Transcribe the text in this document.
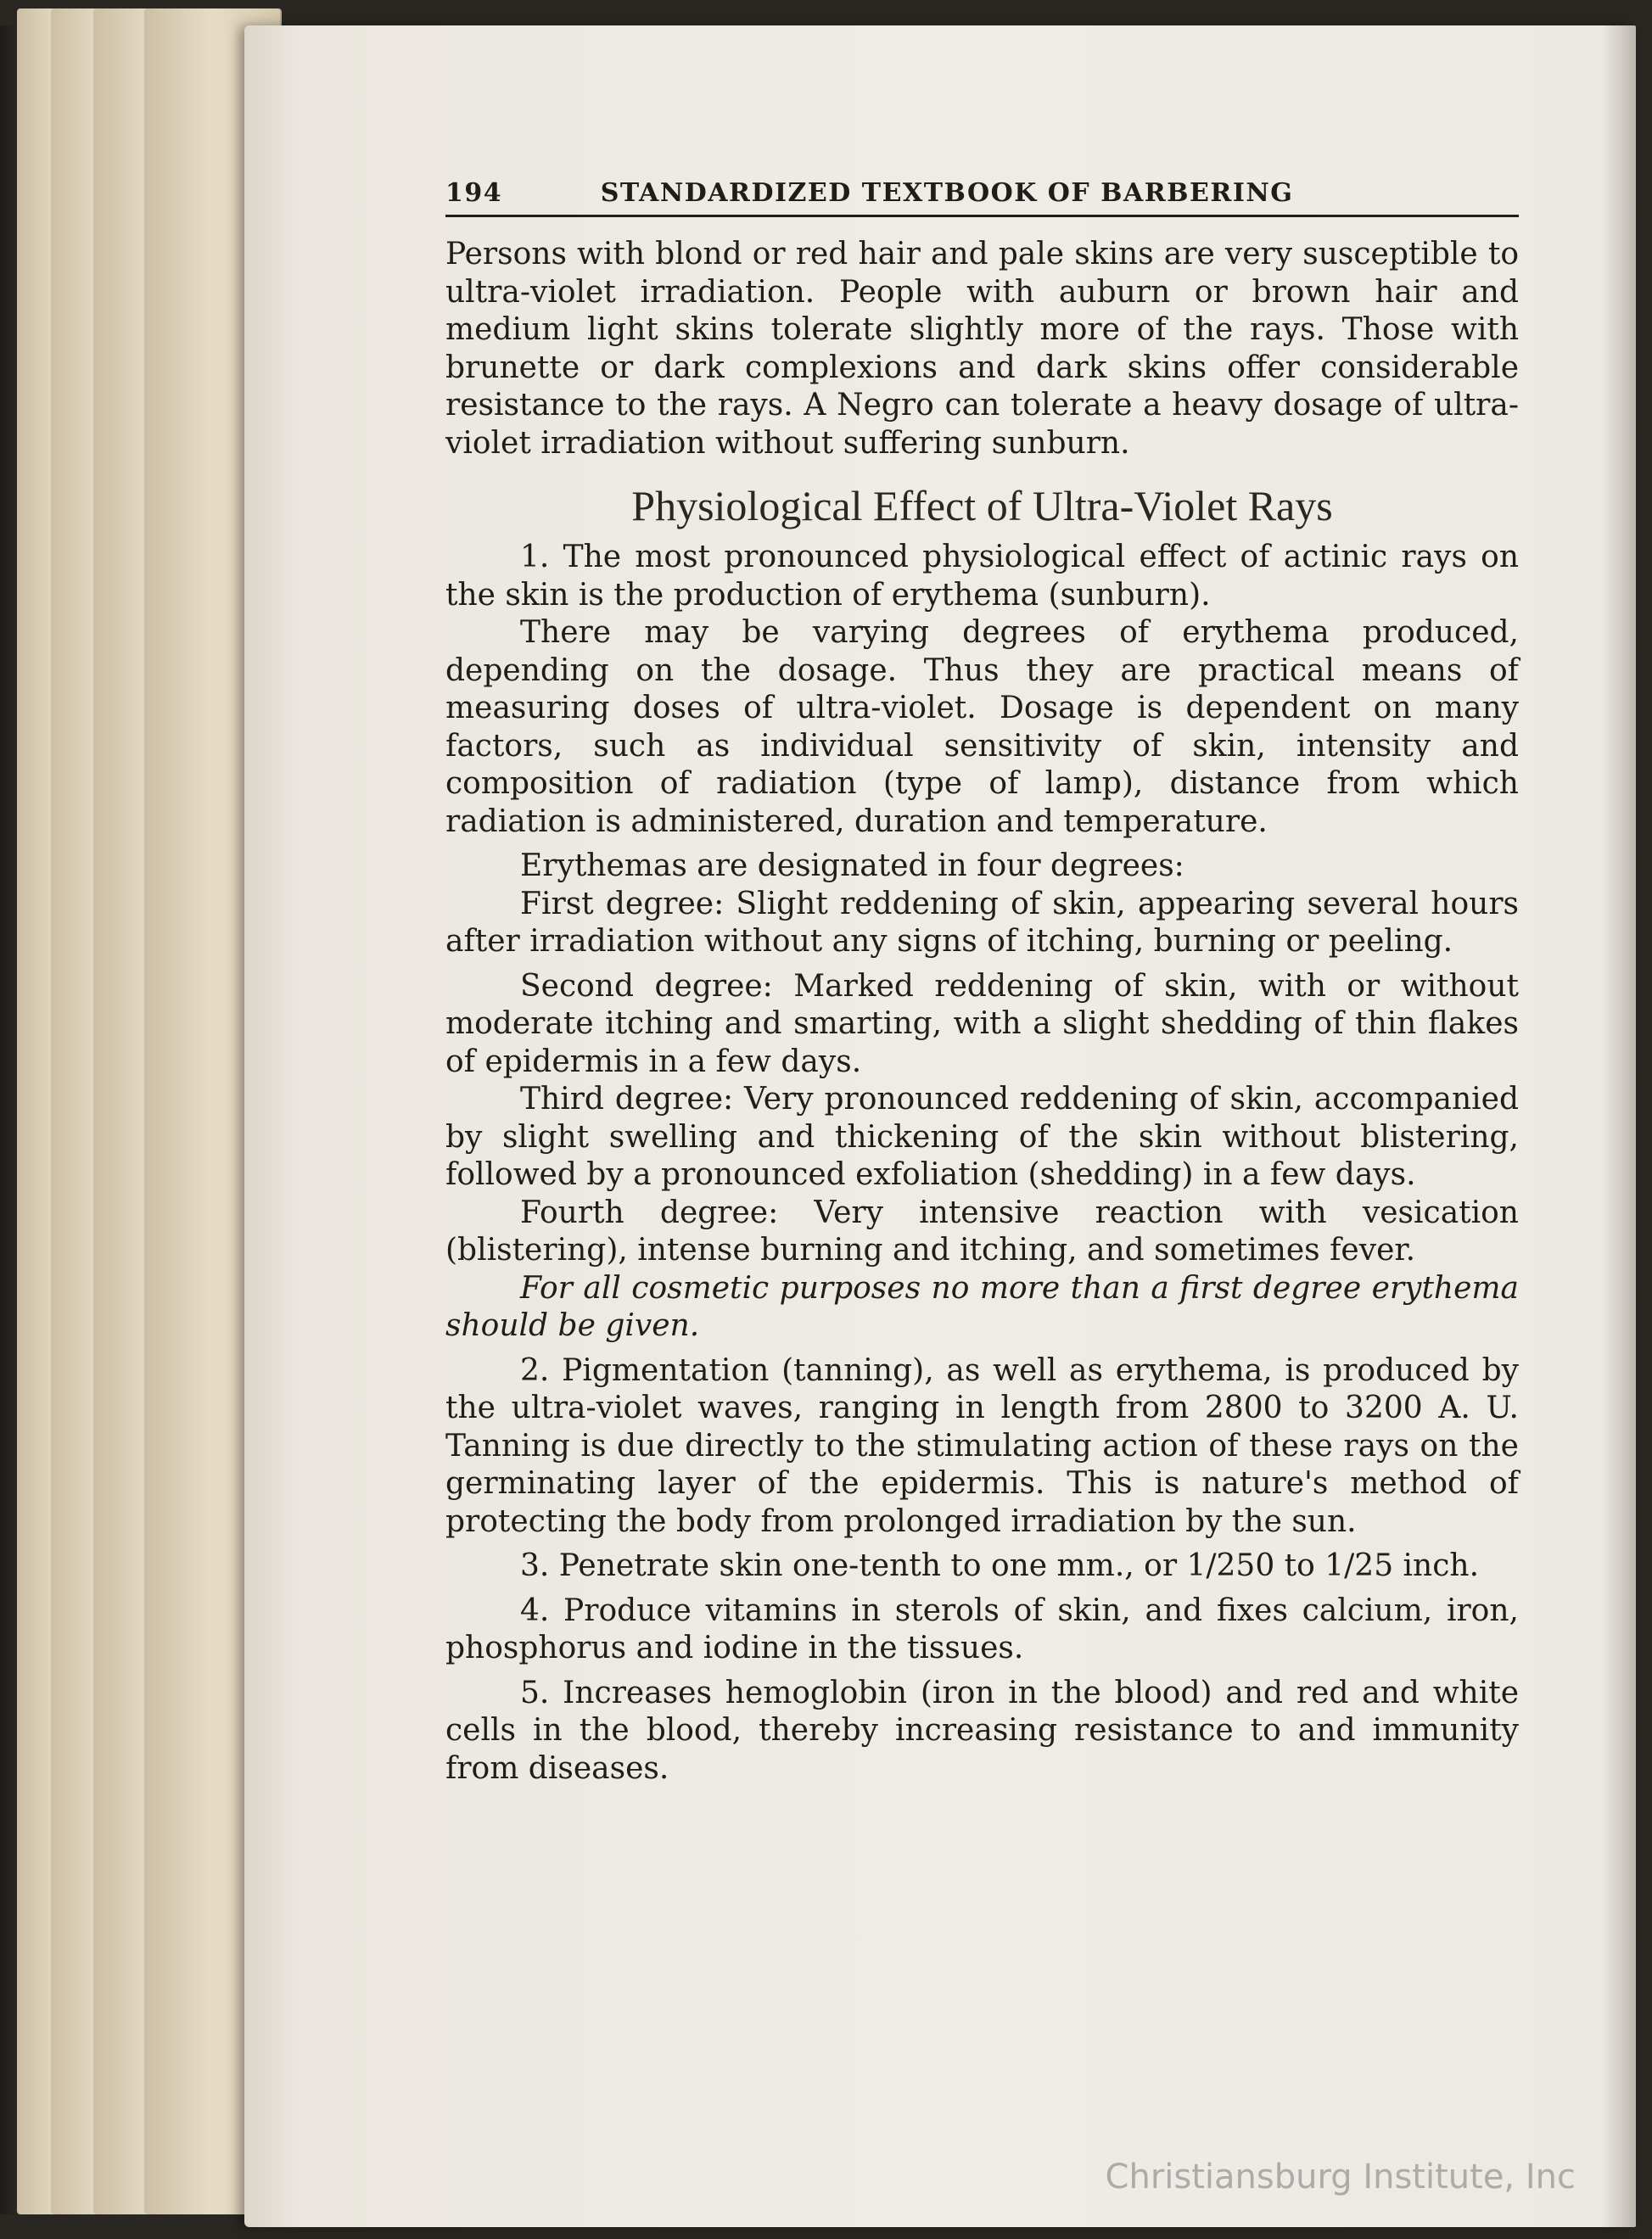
194	STANDARDIZED TEXTBOOK OF BARBERING

Persons with blond or red hair and pale skins are very susceptible to ultra-violet irradiation. People with auburn or brown hair and medium light skins tolerate slightly more of the rays. Those with brunette or dark complexions and dark skins offer considerable resistance to the rays. A Negro can tolerate a heavy dosage of ultra-violet irradiation without suffering sunburn.

Physiological Effect of Ultra-Violet Rays

1. The most pronounced physiological effect of actinic rays on the skin is the production of erythema (sunburn).

There may be varying degrees of erythema produced, depending on the dosage. Thus they are practical means of measuring doses of ultra-violet. Dosage is dependent on many factors, such as individual sensitivity of skin, intensity and composition of radiation (type of lamp), distance from which radiation is administered, duration and temperature.

Erythemas are designated in four degrees:

First degree: Slight reddening of skin, appearing several hours after irradiation without any signs of itching, burning or peeling.

Second degree: Marked reddening of skin, with or without moderate itching and smarting, with a slight shedding of thin flakes of epidermis in a few days.

Third degree: Very pronounced reddening of skin, accompanied by slight swelling and thickening of the skin without blistering, followed by a pronounced exfoliation (shedding) in a few days.

Fourth degree: Very intensive reaction with vesication (blistering), intense burning and itching, and sometimes fever.

For all cosmetic purposes no more than a first degree erythema should be given.

2. Pigmentation (tanning), as well as erythema, is produced by the ultra-violet waves, ranging in length from 2800 to 3200 A. U. Tanning is due directly to the stimulating action of these rays on the germinating layer of the epidermis. This is nature's method of protecting the body from prolonged irradiation by the sun.

3. Penetrate skin one-tenth to one mm., or 1/250 to 1/25 inch.

4. Produce vitamins in sterols of skin, and fixes calcium, iron, phosphorus and iodine in the tissues.

5. Increases hemoglobin (iron in the blood) and red and white cells in the blood, thereby increasing resistance to and immunity from diseases.

Christiansburg Institute, Inc
